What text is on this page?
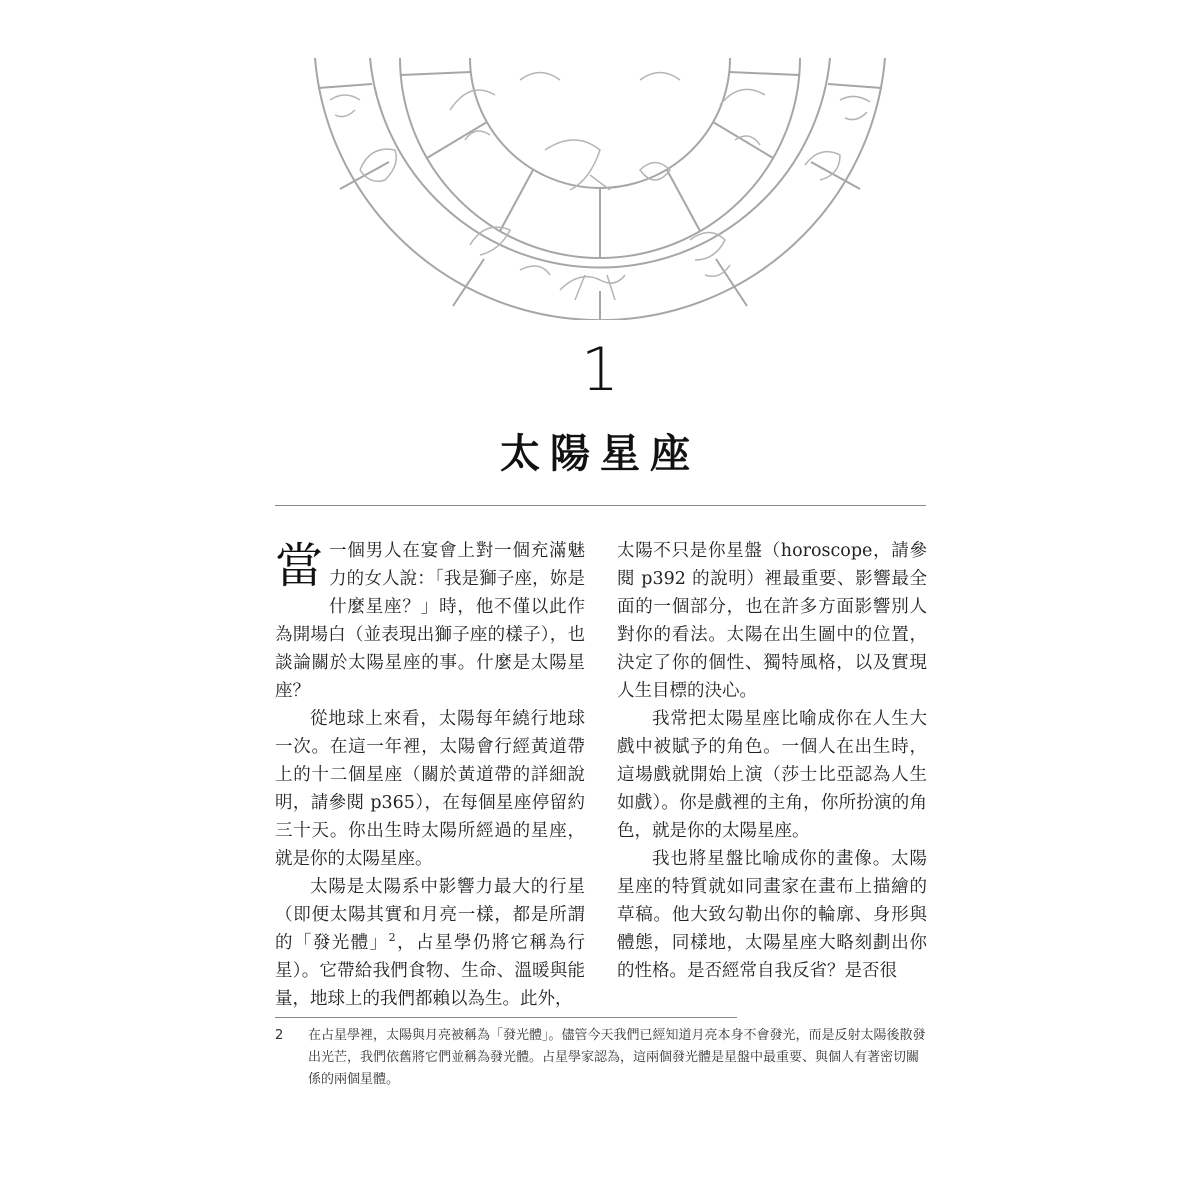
1
太陽星座

當一個男人在宴會上對一個充滿魅力的女人說：「我是獅子座，妳是什麼星座？」時，他不僅以此作為開場白（並表現出獅子座的樣子），也談論關於太陽星座的事。什麼是太陽星座？

從地球上來看，太陽每年繞行地球一次。在這一年裡，太陽會行經黃道帶上的十二個星座（關於黃道帶的詳細說明，請參閱 p365），在每個星座停留約三十天。你出生時太陽所經過的星座，就是你的太陽星座。

太陽是太陽系中影響力最大的行星（即便太陽其實和月亮一樣，都是所謂的「發光體」$^2$，占星學仍將它稱為行星）。它帶給我們食物、生命、溫暖與能量，地球上的我們都賴以為生。此外，

太陽不只是你星盤（horoscope，請參閱 p392 的說明）裡最重要、影響最全面的一個部分，也在許多方面影響別人對你的看法。太陽在出生圖中的位置，決定了你的個性、獨特風格，以及實現人生目標的決心。

我常把太陽星座比喻成你在人生大戲中被賦予的角色。一個人在出生時，這場戲就開始上演（莎士比亞認為人生如戲）。你是戲裡的主角，你所扮演的角色，就是你的太陽星座。

我也將星盤比喻成你的畫像。太陽星座的特質就如同畫家在畫布上描繪的草稿。他大致勾勒出你的輪廓、身形與體態，同樣地，太陽星座大略刻劃出你的性格。是否經常自我反省？是否很

2 在占星學裡，太陽與月亮被稱為「發光體」。儘管今天我們已經知道月亮本身不會發光，而是反射太陽後散發出光芒，我們依舊將它們並稱為發光體。占星學家認為，這兩個發光體是星盤中最重要、與個人有著密切關係的兩個星體。
